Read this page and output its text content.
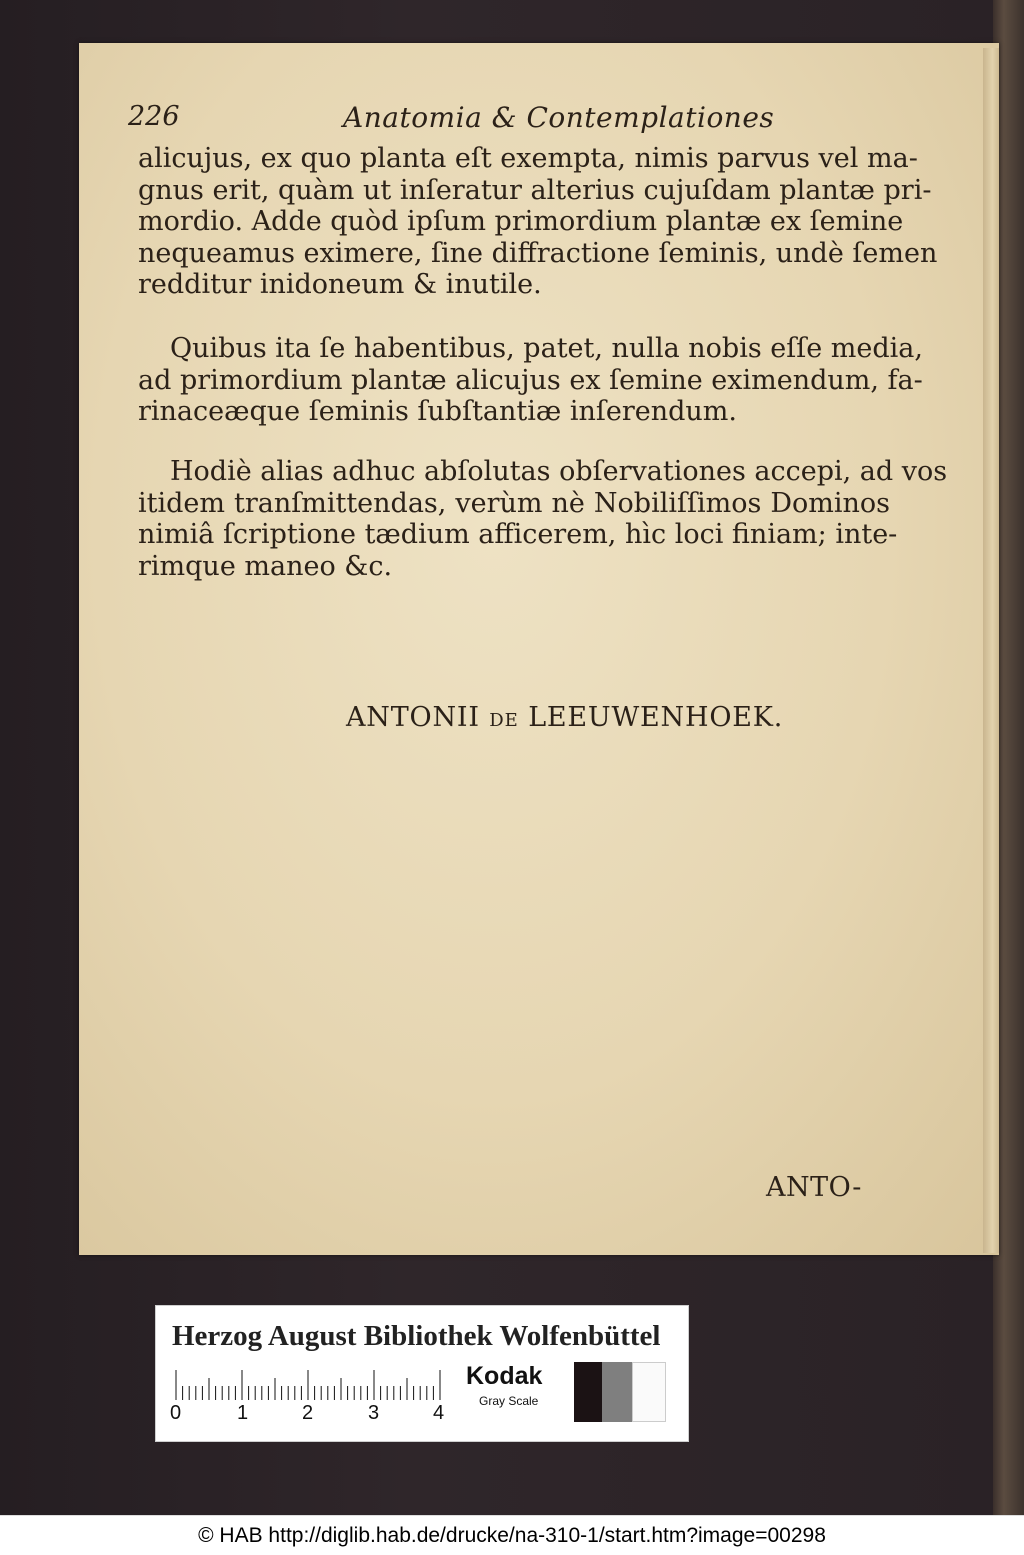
226	Anatomia & Contemplationes
alicujus, ex quo planta eſt exempta, nimis parvus vel ma-
gnus erit, quàm ut inſeratur alterius cujuſdam plantæ pri-
mordio. Adde quòd ipſum primordium plantæ ex ſemine
nequeamus eximere, ſine diffractione ſeminis, undè ſemen
redditur inidoneum & inutile.
Quibus ita ſe habentibus, patet, nulla nobis eſſe media,
ad primordium plantæ alicujus ex ſemine eximendum, fa-
rinaceæque ſeminis ſubſtantiæ inſerendum.
Hodiè alias adhuc abſolutas obſervationes accepi, ad vos
itidem tranſmittendas, verùm nè Nobiliſſimos Dominos
nimiâ ſcriptione tædium afficerem, hìc loci finiam; inte-
rimque maneo &c.
ANTONII DE LEEUWENHOEK.
ANTO-
Herzog August Bibliothek Wolfenbüttel
0	1	2	3	4
Kodak
Gray Scale
© HAB http://diglib.hab.de/drucke/na-310-1/start.htm?image=00298
